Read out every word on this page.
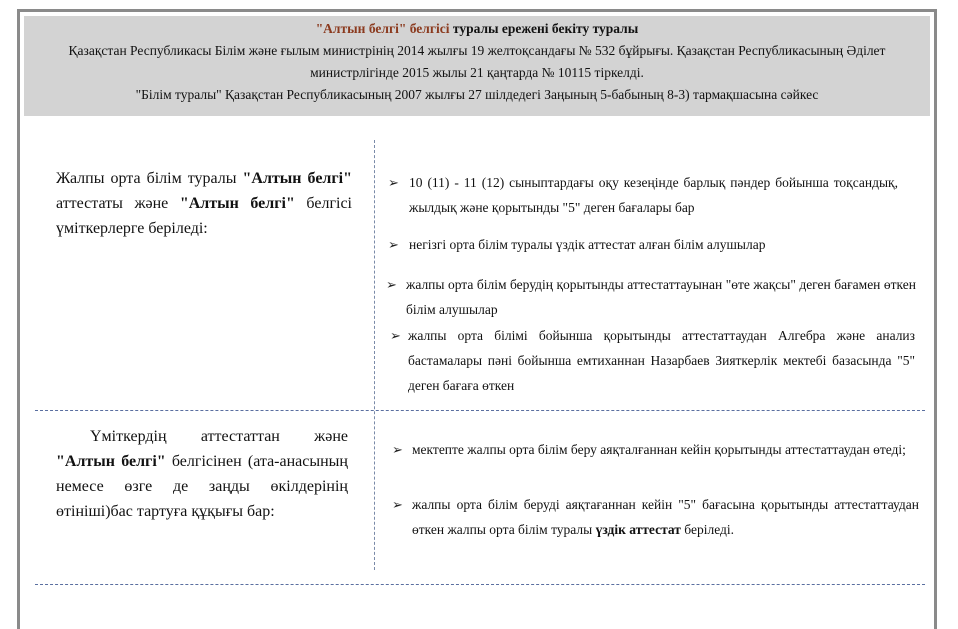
"Алтын белгі" белгісі туралы ережені бекіту туралы
Қазақстан Республикасы Білім және ғылым министрінің 2014 жылғы 19 желтоқсандағы № 532 бұйрығы. Қазақстан Республикасының Әділет министрлігінде 2015 жылы 21 қаңтарда № 10115 тіркелді.
"Білім туралы" Қазақстан Республикасының 2007 жылғы 27 шілдедегі Заңының 5-бабының 8-3) тармақшасына сәйкес
Жалпы орта білім туралы "Алтын белгі" аттестаты және "Алтын белгі" белгісі үміткерлерге беріледі:
➢ 10 (11) - 11 (12) сыныптардағы оқу кезеңінде барлық пәндер бойынша тоқсандық, жылдық және қорытынды "5" деген бағалары бар
➢ негізгі орта білім туралы үздік аттестат алған білім алушылар
➢ жалпы орта білім берудің қорытынды аттестаттауынан "өте жақсы" деген бағамен өткен білім алушылар
➢ жалпы орта білімі бойынша қорытынды аттестаттаудан Алгебра және анализ бастамалары пәні бойынша емтиханнан Назарбаев Зияткерлік мектебі базасында "5" деген бағаға өткен
Үміткердің аттестаттан және "Алтын белгі" белгісінен (ата-анасының немесе өзге де заңды өкілдерінің өтініші)бас тартуға құқығы бар:
➢ мектепте жалпы орта білім беру аяқталғаннан кейін қорытынды аттестаттаудан өтеді;
➢ жалпы орта білім беруді аяқтағаннан кейін "5" бағасына қорытынды аттестаттаудан өткен жалпы орта білім туралы үздік аттестат беріледі.
